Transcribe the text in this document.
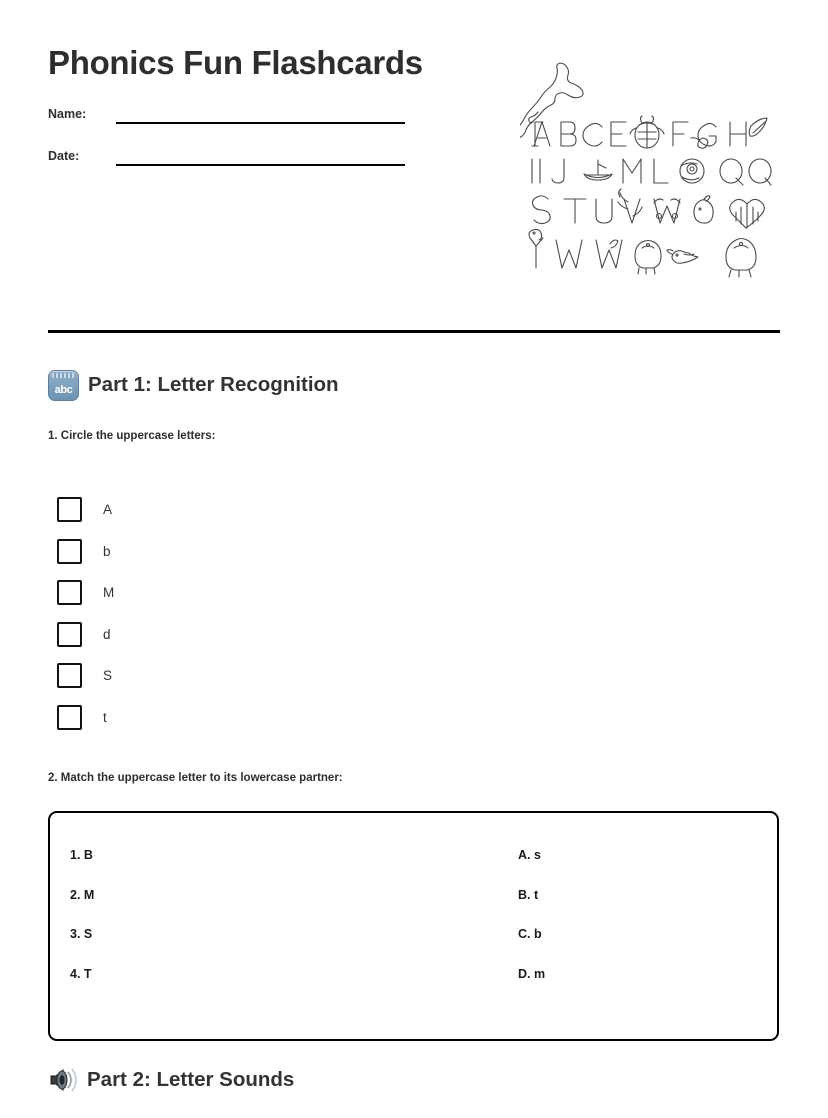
Phonics Fun Flashcards
Name:
Date:
abc Part 1: Letter Recognition
1. Circle the uppercase letters:
A
b
M
d
S
t
2. Match the uppercase letter to its lowercase partner:
1. B	A. s
2. M	B. t
3. S	C. b
4. T	D. m
Part 2: Letter Sounds
